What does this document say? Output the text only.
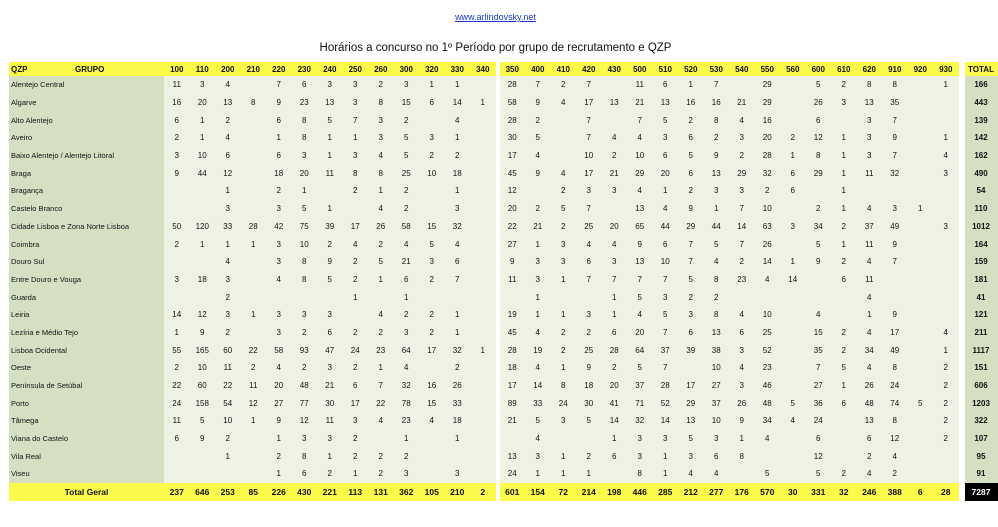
www.arlindovsky.net
Horários a concurso no 1º Período por grupo de recrutamento e QZP
QZP	GRUPO	100	110	200	210	220	230	240	250	260	300	320	330	340		350	400	410	420	430	500	510	520	530	540	550	560	600	610	620	910	920	930		TOTAL
Alentejo Central		11	3	4		7	6	3	3	2	3	1	1			28	7	2	7		11	6	1	7		29		5	2	8	8		1		166
Algarve		16	20	13	8	9	23	13	3	8	15	6	14	1		58	9	4	17	13	21	13	16	16	21	29		26	3	13	35				443
Alto Alentejo		6	1	2		6	8	5	7	3	2		4			28	2		7		7	5	2	8	4	16		6		3	7				139
Aveiro		2	1	4		1	8	1	1	3	5	3	1			30	5		7	4	4	3	6	2	3	20	2	12	1	3	9		1		142
Baixo Alentejo / Alentejo Litoral		3	10	6		6	3	1	3	4	5	2	2			17	4		10	2	10	6	5	9	2	28	1	8	1	3	7		4		162
Braga		9	44	12		18	20	11	8	8	25	10	18			45	9	4	17	21	29	20	6	13	29	32	6	29	1	11	32		3		490
Bragança				1		2	1		2	1	2		1			12		2	3	3	4	1	2	3	3	2	6		1						54
Castelo Branco				3		3	5	1		4	2		3			20	2	5	7		13	4	9	1	7	10		2	1	4	3	1			110
Cidade Lisboa e Zona Norte Lisboa		50	120	33	28	42	75	39	17	26	58	15	32			22	21	2	25	20	65	44	29	44	14	63	3	34	2	37	49		3		1012
Coimbra		2	1	1	1	3	10	2	4	2	4	5	4			27	1	3	4	4	9	6	7	5	7	26		5	1	11	9				164
Douro Sul				4		3	8	9	2	5	21	3	6			9	3	3	6	3	13	10	7	4	2	14	1	9	2	4	7				159
Entre Douro e Vouga		3	18	3		4	8	5	2	1	6	2	7			11	3	1	7	7	7	7	5	8	23	4	14		6	11					181
Guarda				2					1		1						1			1	5	3	2	2						4					41
Leiria		14	12	3	1	3	3	3		4	2	2	1			19	1	1	3	1	4	5	3	8	4	10		4		1	9				121
Lezíria e Médio Tejo		1	9	2		3	2	6	2	2	3	2	1			45	4	2	2	6	20	7	6	13	6	25		15	2	4	17		4		211
Lisboa Ocidental		55	165	60	22	58	93	47	24	23	64	17	32	1		28	19	2	25	28	64	37	39	38	3	52		35	2	34	49		1		1117
Oeste		2	10	11	2	4	2	3	2	1	4		2			18	4	1	9	2	5	7		10	4	23		7	5	4	8		2		151
Península de Setúbal		22	60	22	11	20	48	21	6	7	32	16	26			17	14	8	18	20	37	28	17	27	3	46		27	1	26	24		2		606
Porto		24	158	54	12	27	77	30	17	22	78	15	33			89	33	24	30	41	71	52	29	37	26	48	5	36	6	48	74	5	2		1203
Tâmega		11	5	10	1	9	12	11	3	4	23	4	18			21	5	3	5	14	32	14	13	10	9	34	4	24		13	8		2		322
Viana do Castelo		6	9	2		1	3	3	2		1		1				4			1	3	3	5	3	1	4		6		6	12		2		107
Vila Real				1		2	8	1	2	2	2					13	3	1	2	6	3	1	3	6	8			12		2	4				95
Viseu						1	6	2	1	2	3		3			24	1	1	1		8	1	4	4		5		5	2	4	2				91
Total Geral		237	646	253	85	226	430	221	113	131	362	105	210	2		601	154	72	214	198	446	285	212	277	176	570	30	331	32	246	388	6	28		7287
